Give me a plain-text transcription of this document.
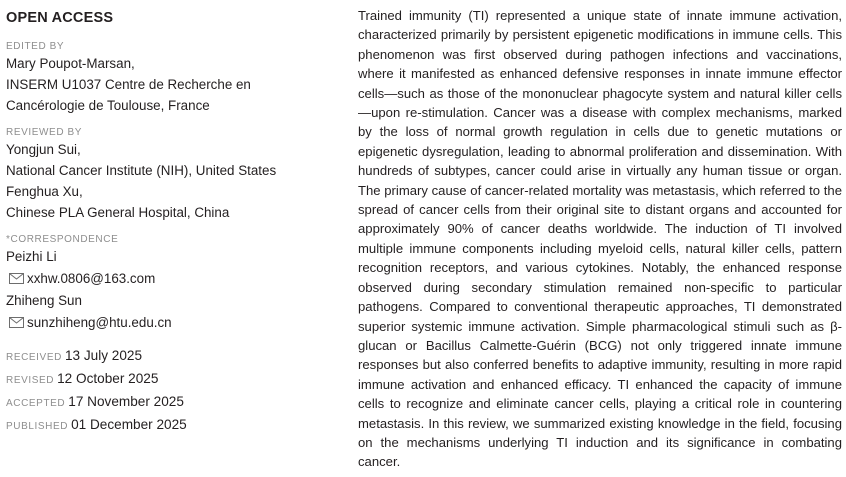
OPEN ACCESS
EDITED BY
Mary Poupot-Marsan,
INSERM U1037 Centre de Recherche en
Cancérologie de Toulouse, France
REVIEWED BY
Yongjun Sui,
National Cancer Institute (NIH), United States
Fenghua Xu,
Chinese PLA General Hospital, China
*CORRESPONDENCE
Peizhi Li
xxhw.0806@163.com
Zhiheng Sun
sunzhiheng@htu.edu.cn
RECEIVED 13 July 2025
REVISED 12 October 2025
ACCEPTED 17 November 2025
PUBLISHED 01 December 2025
Trained immunity (TI) represented a unique state of innate immune activation, characterized primarily by persistent epigenetic modifications in immune cells. This phenomenon was first observed during pathogen infections and vaccinations, where it manifested as enhanced defensive responses in innate immune effector cells—such as those of the mononuclear phagocyte system and natural killer cells—upon re-stimulation. Cancer was a disease with complex mechanisms, marked by the loss of normal growth regulation in cells due to genetic mutations or epigenetic dysregulation, leading to abnormal proliferation and dissemination. With hundreds of subtypes, cancer could arise in virtually any human tissue or organ. The primary cause of cancer-related mortality was metastasis, which referred to the spread of cancer cells from their original site to distant organs and accounted for approximately 90% of cancer deaths worldwide. The induction of TI involved multiple immune components including myeloid cells, natural killer cells, pattern recognition receptors, and various cytokines. Notably, the enhanced response observed during secondary stimulation remained non-specific to particular pathogens. Compared to conventional therapeutic approaches, TI demonstrated superior systemic immune activation. Simple pharmacological stimuli such as β-glucan or Bacillus Calmette-Guérin (BCG) not only triggered innate immune responses but also conferred benefits to adaptive immunity, resulting in more rapid immune activation and enhanced efficacy. TI enhanced the capacity of immune cells to recognize and eliminate cancer cells, playing a critical role in countering metastasis. In this review, we summarized existing knowledge in the field, focusing on the mechanisms underlying TI induction and its significance in combating cancer.
